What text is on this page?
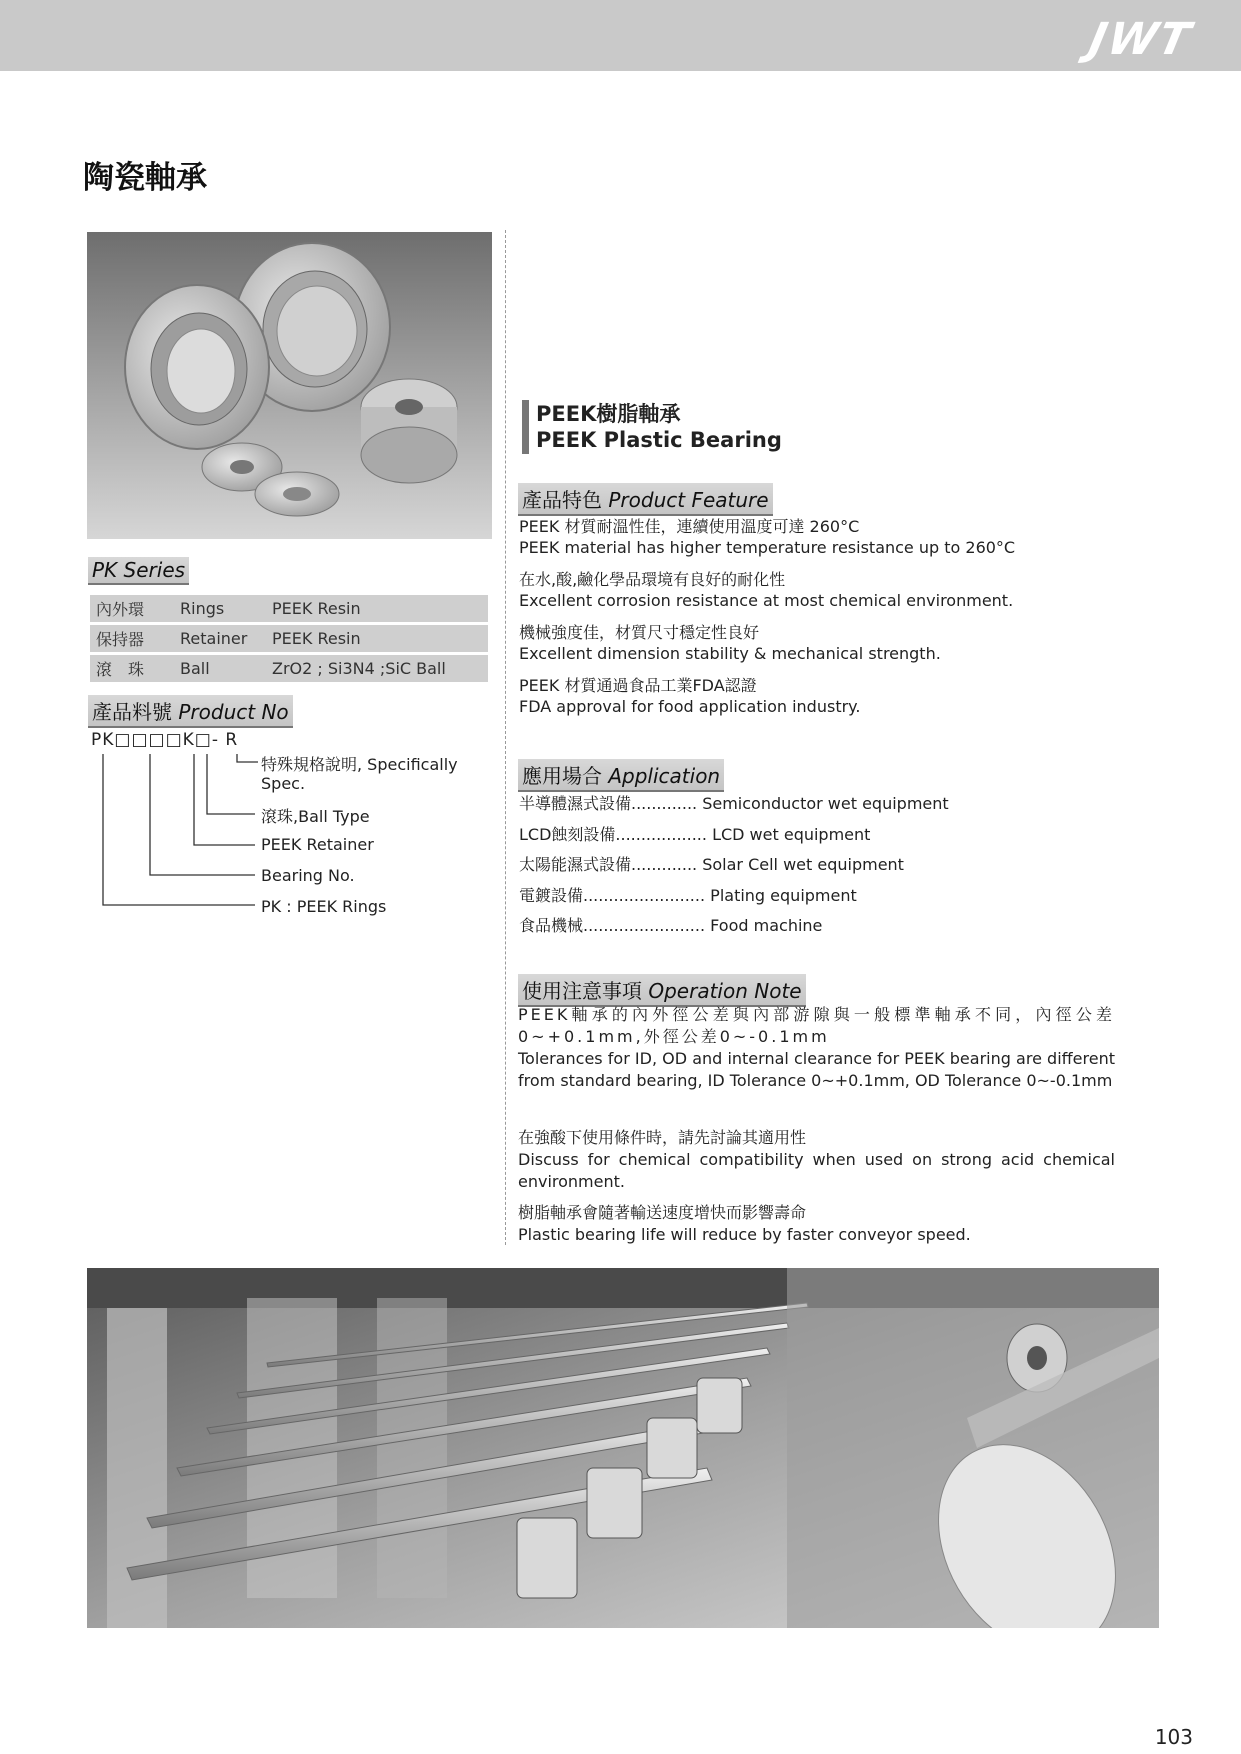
JWT
陶瓷軸承
PK Series
內外環	Rings	PEEK Resin
保持器	Retainer	PEEK Resin
滾　珠	Ball	ZrO2 ; Si3N4 ;SiC Ball
產品料號 Product No
PK□□□□K□- R
特殊規格說明, Specifically
Spec.
滾珠,Ball Type
PEEK Retainer
Bearing No.
PK : PEEK Rings
PEEK樹脂軸承
PEEK Plastic Bearing
產品特色 Product Feature
PEEK 材質耐溫性佳，連續使用溫度可達 260°C
PEEK material has higher temperature resistance up to 260°C
在水,酸,鹼化學品環境有良好的耐化性
Excellent corrosion resistance at most chemical environment.
機械強度佳，材質尺寸穩定性良好
Excellent dimension stability & mechanical strength.
PEEK 材質通過食品工業FDA認證
FDA approval for food application industry.
應用場合 Application
半導體濕式設備............. Semiconductor wet equipment
LCD蝕刻設備.................. LCD wet equipment
太陽能濕式設備............. Solar Cell wet equipment
電鍍設備........................ Plating equipment
食品機械........................ Food machine
使用注意事項 Operation Note
PEEK軸承的內外徑公差與內部游隙與一般標準軸承不同，內徑公差0~+0.1mm,外徑公差0~-0.1mm
Tolerances for ID, OD and internal clearance for PEEK bearing are different from standard bearing, ID Tolerance 0~+0.1mm, OD Tolerance 0~-0.1mm
在強酸下使用條件時，請先討論其適用性
Discuss for chemical compatibility when used on strong acid chemical environment.
樹脂軸承會隨著輸送速度增快而影響壽命
Plastic bearing life will reduce by faster conveyor speed.
103
